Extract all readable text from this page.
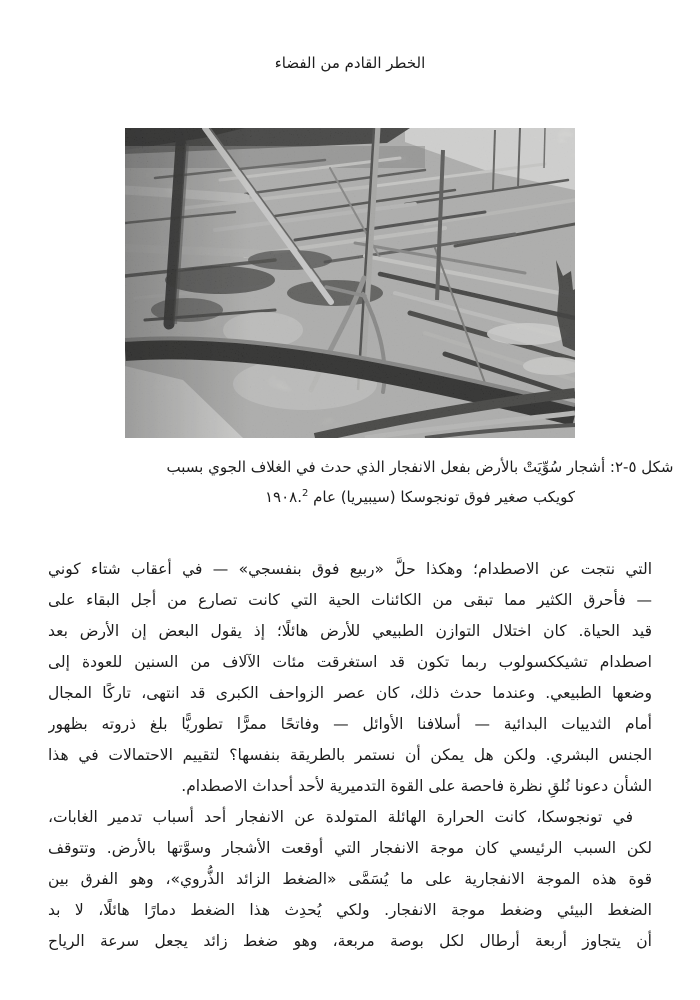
الخطر القادم من الفضاء
شكل ٥-٢: أشجار سُوِّيَتْ بالأرض بفعل الانفجار الذي حدث في الغلاف الجوي بسبب
كويكب صغير فوق تونجوسكا (سيبيريا) عام ١٩٠٨.$^2$
التي نتجت عن الاصطدام؛ وهكذا حلَّ «ربيع فوق بنفسجي» — في أعقاب شتاء كوني
— فأحرق الكثير مما تبقى من الكائنات الحية التي كانت تصارع من أجل البقاء على
قيد الحياة. كان اختلال التوازن الطبيعي للأرض هائلًا؛ إذ يقول البعض إن الأرض بعد
اصطدام تشيككسولوب ربما تكون قد استغرقت مئات الآلاف من السنين للعودة إلى
وضعها الطبيعي. وعندما حدث ذلك، كان عصر الزواحف الكبرى قد انتهى، تاركًا المجال
أمام الثدييات البدائية — أسلافنا الأوائل — وفاتحًا ممرًّا تطوريًّا بلغ ذروته بظهور
الجنس البشري. ولكن هل يمكن أن نستمر بالطريقة بنفسها؟ لتقييم الاحتمالات في هذا
الشأن دعونا نُلقِ نظرة فاحصة على القوة التدميرية لأحد أحداث الاصطدام.
في تونجوسكا، كانت الحرارة الهائلة المتولدة عن الانفجار أحد أسباب تدمير الغابات،
لكن السبب الرئيسي كان موجة الانفجار التي أوقعت الأشجار وسوَّتها بالأرض. وتتوقف
قوة هذه الموجة الانفجارية على ما يُسَمَّى «الضغط الزائد الذُّروي»، وهو الفرق بين
الضغط البيئي وضغط موجة الانفجار. ولكي يُحدِث هذا الضغط دمارًا هائلًا، لا بد
أن يتجاوز أربعة أرطال لكل بوصة مربعة، وهو ضغط زائد يجعل سرعة الرياح
